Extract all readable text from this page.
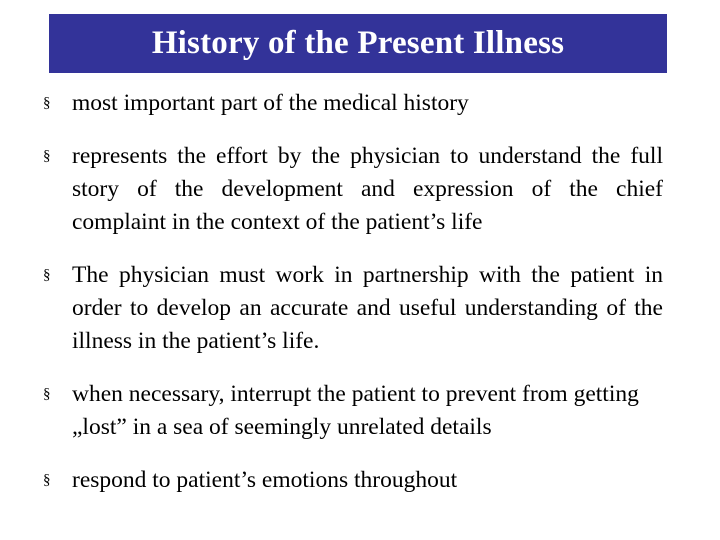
History of the Present Illness
§ most important part of the medical history
§ represents the effort by the physician to understand the full story of the development and expression of the chief complaint in the context of the patient’s life
§ The physician must work in partnership with the patient in order to develop an accurate and useful understanding of the illness in the patient’s life.
§ when necessary, interrupt the patient to prevent from getting „lost” in a sea of seemingly unrelated details
§ respond to patient’s emotions throughout
